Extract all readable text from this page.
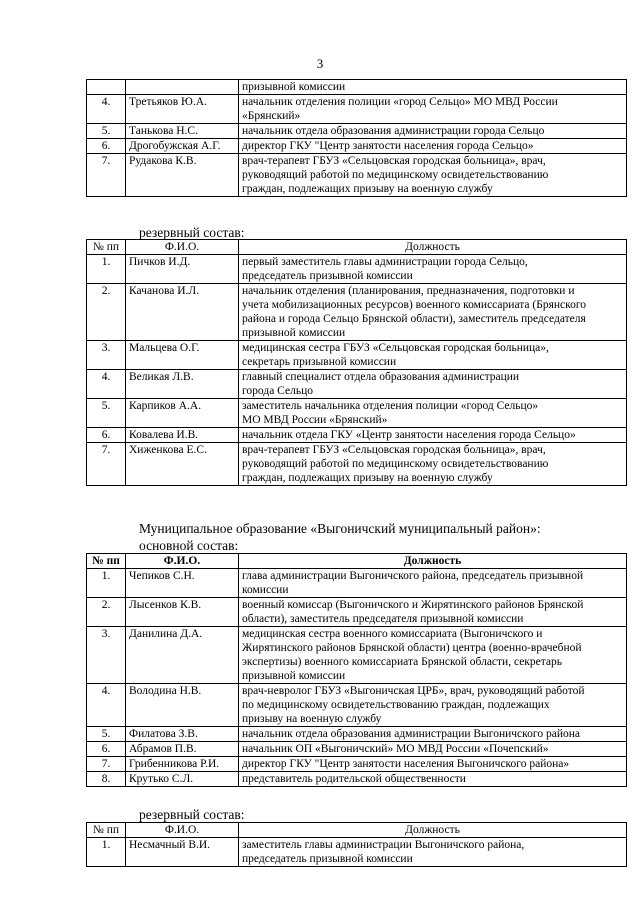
3
		призывной комиссии
4.	Третьяков Ю.А.	начальник отделения полиции «город Сельцо» МО МВД России
«Брянский»
5.	Танькова Н.С.	начальник отдела образования администрации города Сельцо
6.	Дрогобужская А.Г.	директор ГКУ "Центр занятости населения города Сельцо»
7.	Рудакова К.В.	врач-терапевт ГБУЗ «Сельцовская городская больница», врач,
руководящий работой по медицинскому освидетельствованию
граждан, подлежащих призыву на военную службу
резервный состав:
№ пп	Ф.И.О.	Должность
1.	Пичков И.Д.	первый заместитель главы администрации города Сельцо,
председатель призывной комиссии
2.	Качанова И.Л.	начальник отделения (планирования, предназначения, подготовки и
учета мобилизационных ресурсов) военного комиссариата (Брянского
района и города Сельцо Брянской области), заместитель председателя
призывной комиссии
3.	Мальцева О.Г.	медицинская сестра ГБУЗ «Сельцовская городская больница»,
секретарь призывной комиссии
4.	Великая Л.В.	главный специалист отдела образования администрации
города Сельцо
5.	Карпиков А.А.	заместитель начальника отделения полиции «город Сельцо»
МО МВД России «Брянский»
6.	Ковалева И.В.	начальник отдела ГКУ «Центр занятости населения города Сельцо»
7.	Хиженкова Е.С.	врач-терапевт ГБУЗ «Сельцовская городская больница», врач,
руководящий работой по медицинскому освидетельствованию
граждан, подлежащих призыву на военную службу
Муниципальное образование «Выгоничский муниципальный район»:
основной состав:
№ пп	Ф.И.О.	Должность
1.	Чепиков С.Н.	глава администрации Выгоничского района, председатель призывной
комиссии
2.	Лысенков К.В.	военный комиссар (Выгоничского и Жирятинского районов Брянской
области), заместитель председателя призывной комиссии
3.	Данилина Д.А.	медицинская сестра военного комиссариата (Выгоничского и
Жирятинского районов Брянской области) центра (военно-врачебной
экспертизы) военного комиссариата Брянской области, секретарь
призывной комиссии
4.	Володина Н.В.	врач-невролог ГБУЗ «Выгоничская ЦРБ», врач, руководящий работой
по медицинскому освидетельствованию граждан, подлежащих
призыву на военную службу
5.	Филатова З.В.	начальник отдела образования администрации Выгоничского района
6.	Абрамов П.В.	начальник ОП «Выгоничский» МО МВД России «Почепский»
7.	Грибенникова Р.И.	директор ГКУ "Центр занятости населения Выгоничского района»
8.	Крутько С.Л.	представитель родительской общественности
резервный состав:
№ пп	Ф.И.О.	Должность
1.	Несмачный В.И.	заместитель главы администрации Выгоничского района,
председатель призывной комиссии
